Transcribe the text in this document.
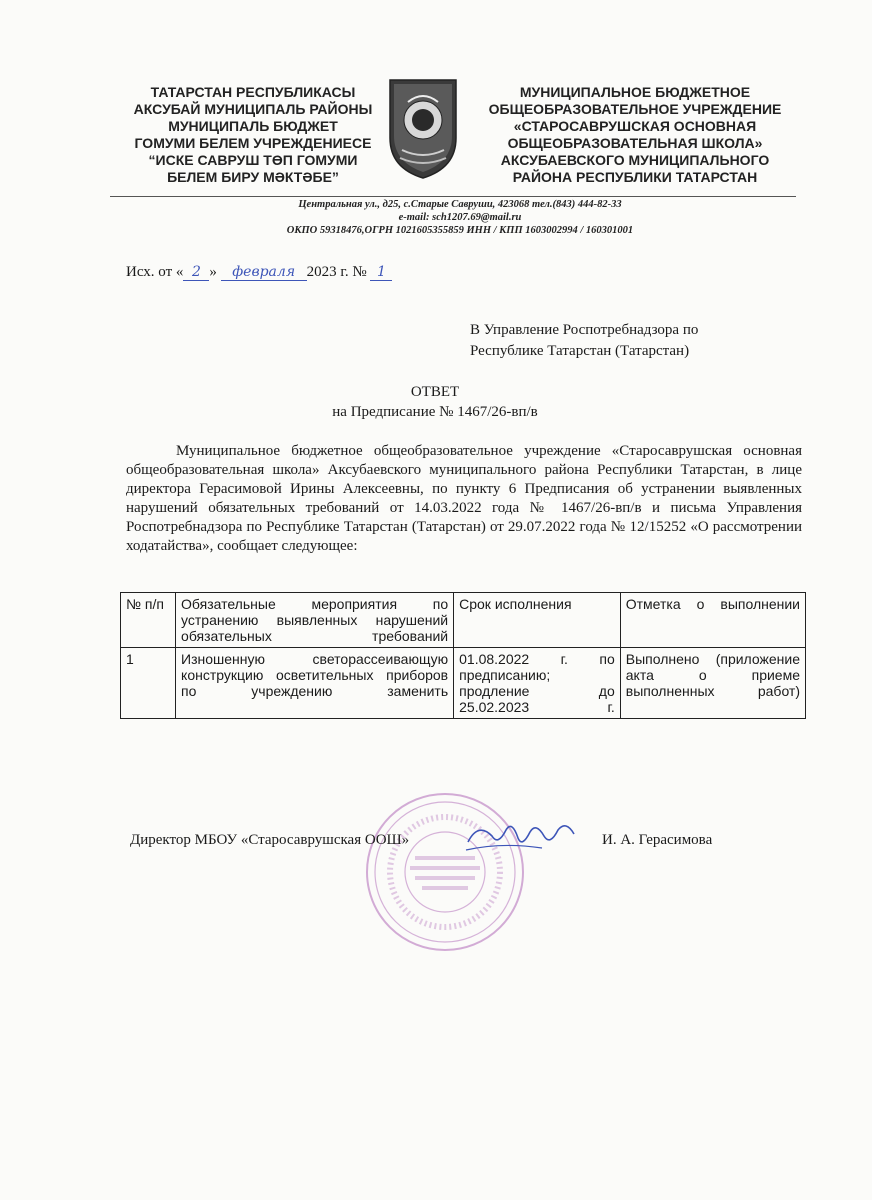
ТАТАРСТАН РЕСПУБЛИКАСЫ
АКСУБАЙ МУНИЦИПАЛЬ РАЙОНЫ
МУНИЦИПАЛЬ БЮДЖЕТ
ГОМУМИ БЕЛЕМ УЧРЕЖДЕНИЕСЕ
“ИСКЕ САВРУШ ТӨП ГОМУМИ
БЕЛЕМ БИРУ МӘКТӘБЕ”
МУНИЦИПАЛЬНОЕ БЮДЖЕТНОЕ
ОБЩЕОБРАЗОВАТЕЛЬНОЕ УЧРЕЖДЕНИЕ
«СТАРОСАВРУШСКАЯ ОСНОВНАЯ
ОБЩЕОБРАЗОВАТЕЛЬНАЯ ШКОЛА»
АКСУБАЕВСКОГО МУНИЦИПАЛЬНОГО
РАЙОНА РЕСПУБЛИКИ ТАТАРСТАН
Центральная ул., д25, с.Старые Савруши, 423068 тел.(843) 444-82-33
e-mail: sch1207.69@mail.ru
ОКПО 59318476,ОГРН 1021605355859 ИНН / КПП 1603002994 / 160301001
Исх. от « 2 » февраля 2023 г. № 1
В Управление Роспотребнадзора по
Республике Татарстан (Татарстан)
ОТВЕТ
на Предписание № 1467/26-вп/в

Муниципальное бюджетное общеобразовательное учреждение «Старосаврушская основная общеобразовательная школа» Аксубаевского муниципального района Республики Татарстан, в лице директора Герасимовой Ирины Алексеевны, по пункту 6 Предписания об устранении выявленных нарушений обязательных требований от 14.03.2022 года № 1467/26-вп/в и письма Управления Роспотребнадзора по Республике Татарстан (Татарстан) от 29.07.2022 года № 12/15252 «О рассмотрении ходатайства», сообщает следующее:

№ п/п	Обязательные мероприятия по устранению выявленных нарушений обязательных требований	Срок исполнения	Отметка о выполнении
1	Изношенную светорассеивающую конструкцию осветительных приборов по учреждению заменить	01.08.2022 г. по предписанию; продление до 25.02.2023 г.	Выполнено (приложение акта о приеме выполненных работ)
Директор МБОУ «Старосаврушская ООШ»	И. А. Герасимова
